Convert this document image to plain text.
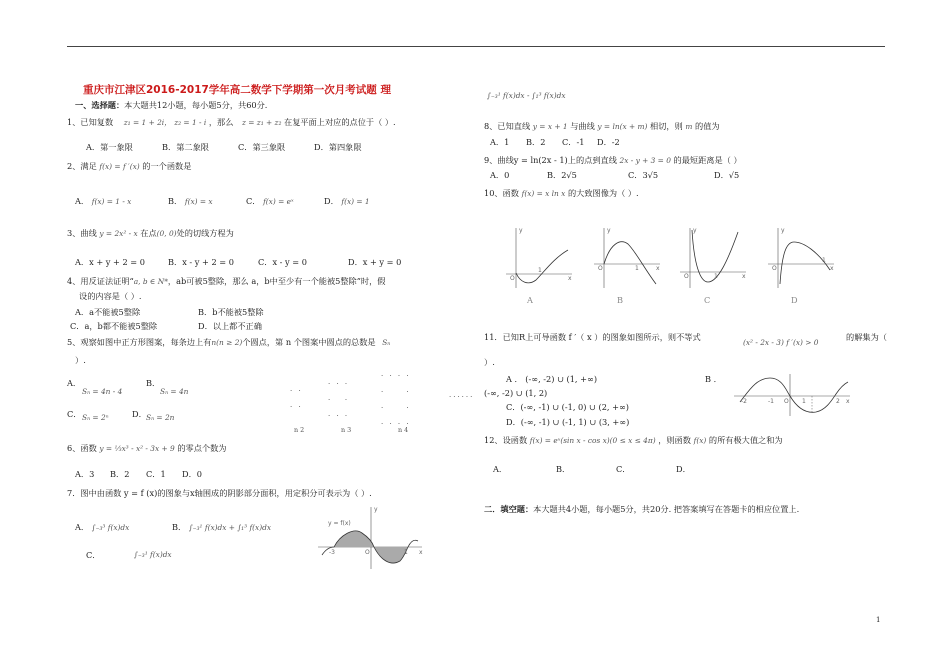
重庆市江津区2016-2017学年高二数学下学期第一次月考试题 理
一、选择题：本大题共12小题，每小题5分，共60分.
1、已知复数 z₁ = 1 + 2i， z₂ = 1 - i ，那么 z = z₁ + z₂ 在复平面上对应的点位于（ ）.
A．第一象限	B．第二象限	C．第三象限	D．第四象限
2、满足 f(x) = f ′(x) 的一个函数是
A． f(x) = 1 - x	B． f(x) = x	C． f(x) = eˣ	D． f(x) = 1
3、曲线 y = 2x² - x 在点(0, 0)处的切线方程为
A．x + y + 2 = 0	B．x - y + 2 = 0	C．x - y = 0	D．x + y = 0
4、用反证法证明“a, b ∈ N*，ab可被5整除，那么 a，b中至少有一个能被5整除”时，假
设的内容是（ ）.
A．a不能被5整除	B．b不能被5整除
C．a，b都不能被5整除	D．以上都不正确
5、观察如图中正方形图案，每条边上有n(n ≥ 2)个圆点，第 n 个图案中圆点的总数是 Sₙ
）.
A．
Sₙ = 4n - 4
B．
Sₙ = 4n
C． Sₙ = 2ⁿ	D． Sₙ = 2n
· ·

· ·
· · ·

·   ·

· · ·
· · · ·

·     ·

·     ·

· · · ·
······
n 2	n 3	n 4
6、函数 y = ⅓x³ - x² - 3x + 9 的零点个数为
A．3 B．2 C．1 D．0
7．图中由函数 y = f (x)的图象与x轴围成的阴影部分面积，用定积分可表示为（ ）.
A． ∫₋₃³ f(x)dx	B． ∫₋₃¹ f(x)dx + ∫₁³ f(x)dx
C．	∫₋₃¹ f(x)dx
y = f(x)
y
-3	O	1 x
∫₋₃¹ f(x)dx - ∫₁³ f(x)dx
8、已知直线 y = x + 1 与曲线 y = ln(x + m) 相切，则 m 的值为
A．1 B．2 C．-1 D．-2
9、曲线y = ln(2x - 1)上的点到直线 2x - y + 3 = 0 的最短距离是（ ）
A．0	B．2√5	C．3√5	D．√5
10、函数 f(x) = x ln x 的大致图像为（ ）.
y
O
1
x
A
y
O	1	x
B
y
O	1	x
C
y
O
1
x
D
11．已知R上可导函数 f ′（ x ）的图象如图所示，则不等式
(x² - 2x - 3) f ′(x) > 0
的解集为（
）.
A ． (-∞, -2) ∪ (1, +∞)
(-∞, -2) ∪ (1, 2)
B ．
C．(-∞, -1) ∪ (-1, 0) ∪ (2, +∞)
D．(-∞, -1) ∪ (-1, 1) ∪ (3, +∞)
-2	-1 O 1	2 x
12、设函数 f(x) = eˣ(sin x - cos x)(0 ≤ x ≤ 4π) ，则函数 f(x) 的所有极大值之和为
A．	B．	C．	D．
二．填空题：本大题共4小题，每小题5分，共20分. 把答案填写在答题卡的相应位置上.
1
